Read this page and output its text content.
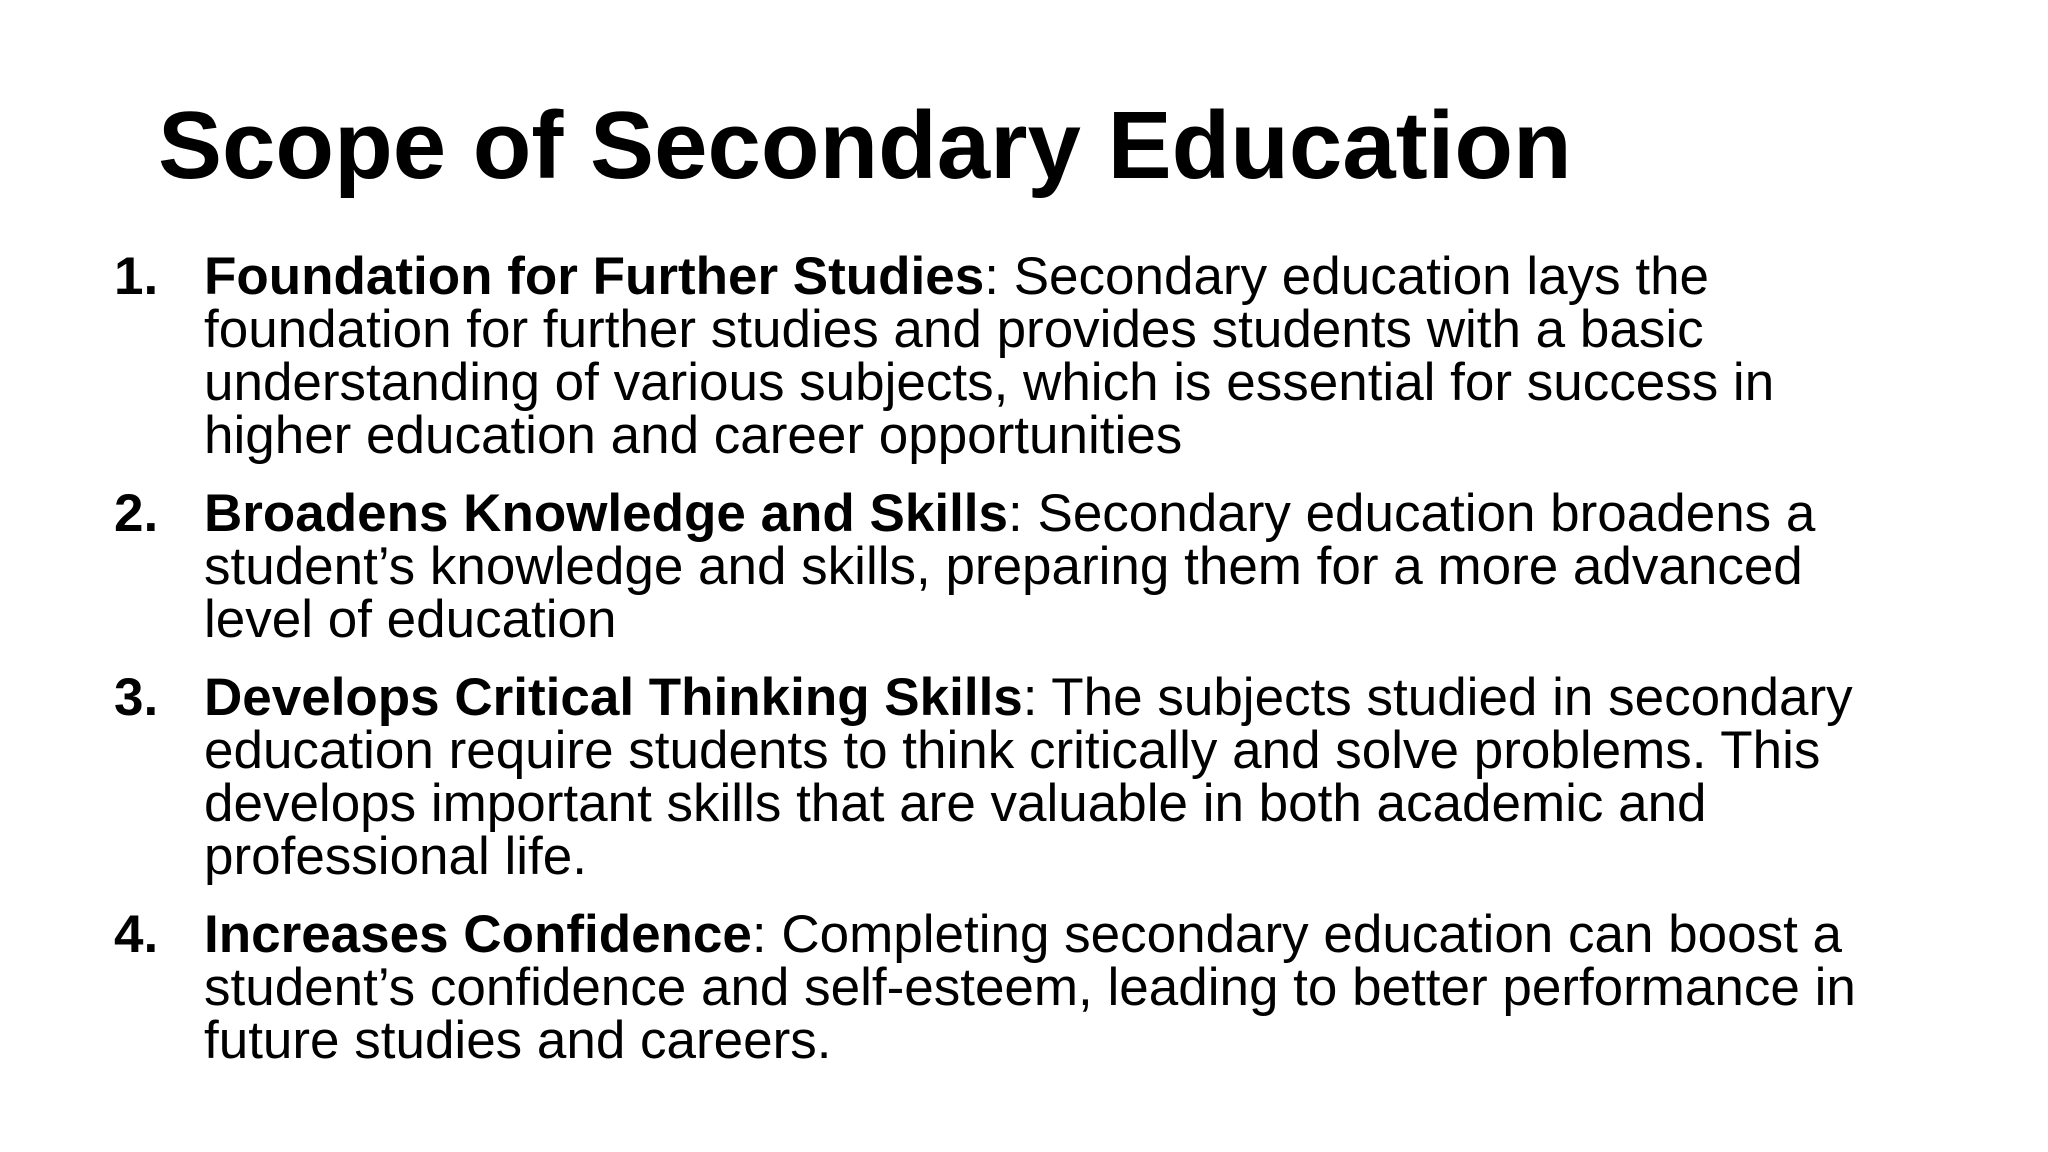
Scope of Secondary Education
1. Foundation for Further Studies: Secondary education lays the foundation for further studies and provides students with a basic understanding of various subjects, which is essential for success in higher education and career opportunities
2. Broadens Knowledge and Skills: Secondary education broadens a student’s knowledge and skills, preparing them for a more advanced level of education
3. Develops Critical Thinking Skills: The subjects studied in secondary education require students to think critically and solve problems. This develops important skills that are valuable in both academic and professional life.
4. Increases Confidence: Completing secondary education can boost a student’s confidence and self-esteem, leading to better performance in future studies and careers.
